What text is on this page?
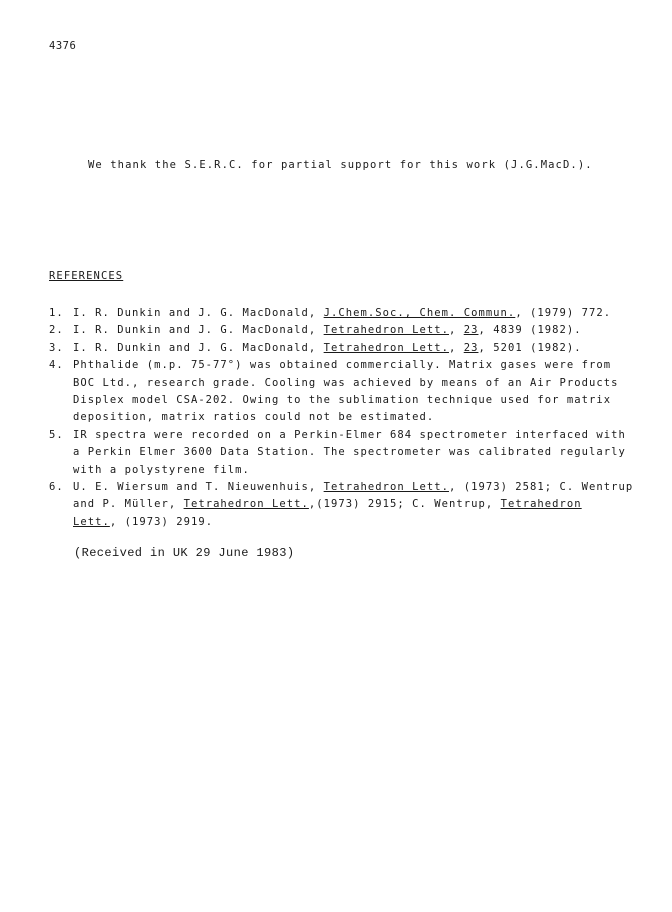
4376
We thank the S.E.R.C. for partial support for this work (J.G.MacD.).
REFERENCES
1. I. R. Dunkin and J. G. MacDonald, J.Chem.Soc., Chem. Commun., (1979) 772.
2. I. R. Dunkin and J. G. MacDonald, Tetrahedron Lett., 23, 4839 (1982).
3. I. R. Dunkin and J. G. MacDonald, Tetrahedron Lett., 23, 5201 (1982).
4. Phthalide (m.p. 75-77°) was obtained commercially. Matrix gases were from
BOC Ltd., research grade. Cooling was achieved by means of an Air Products
Displex model CSA-202. Owing to the sublimation technique used for matrix
deposition, matrix ratios could not be estimated.
5. IR spectra were recorded on a Perkin-Elmer 684 spectrometer interfaced with
a Perkin Elmer 3600 Data Station. The spectrometer was calibrated regularly
with a polystyrene film.
6. U. E. Wiersum and T. Nieuwenhuis, Tetrahedron Lett., (1973) 2581; C. Wentrup
and P. Müller, Tetrahedron Lett.,(1973) 2915; C. Wentrup, Tetrahedron
Lett., (1973) 2919.
(Received in UK 29 June 1983)
